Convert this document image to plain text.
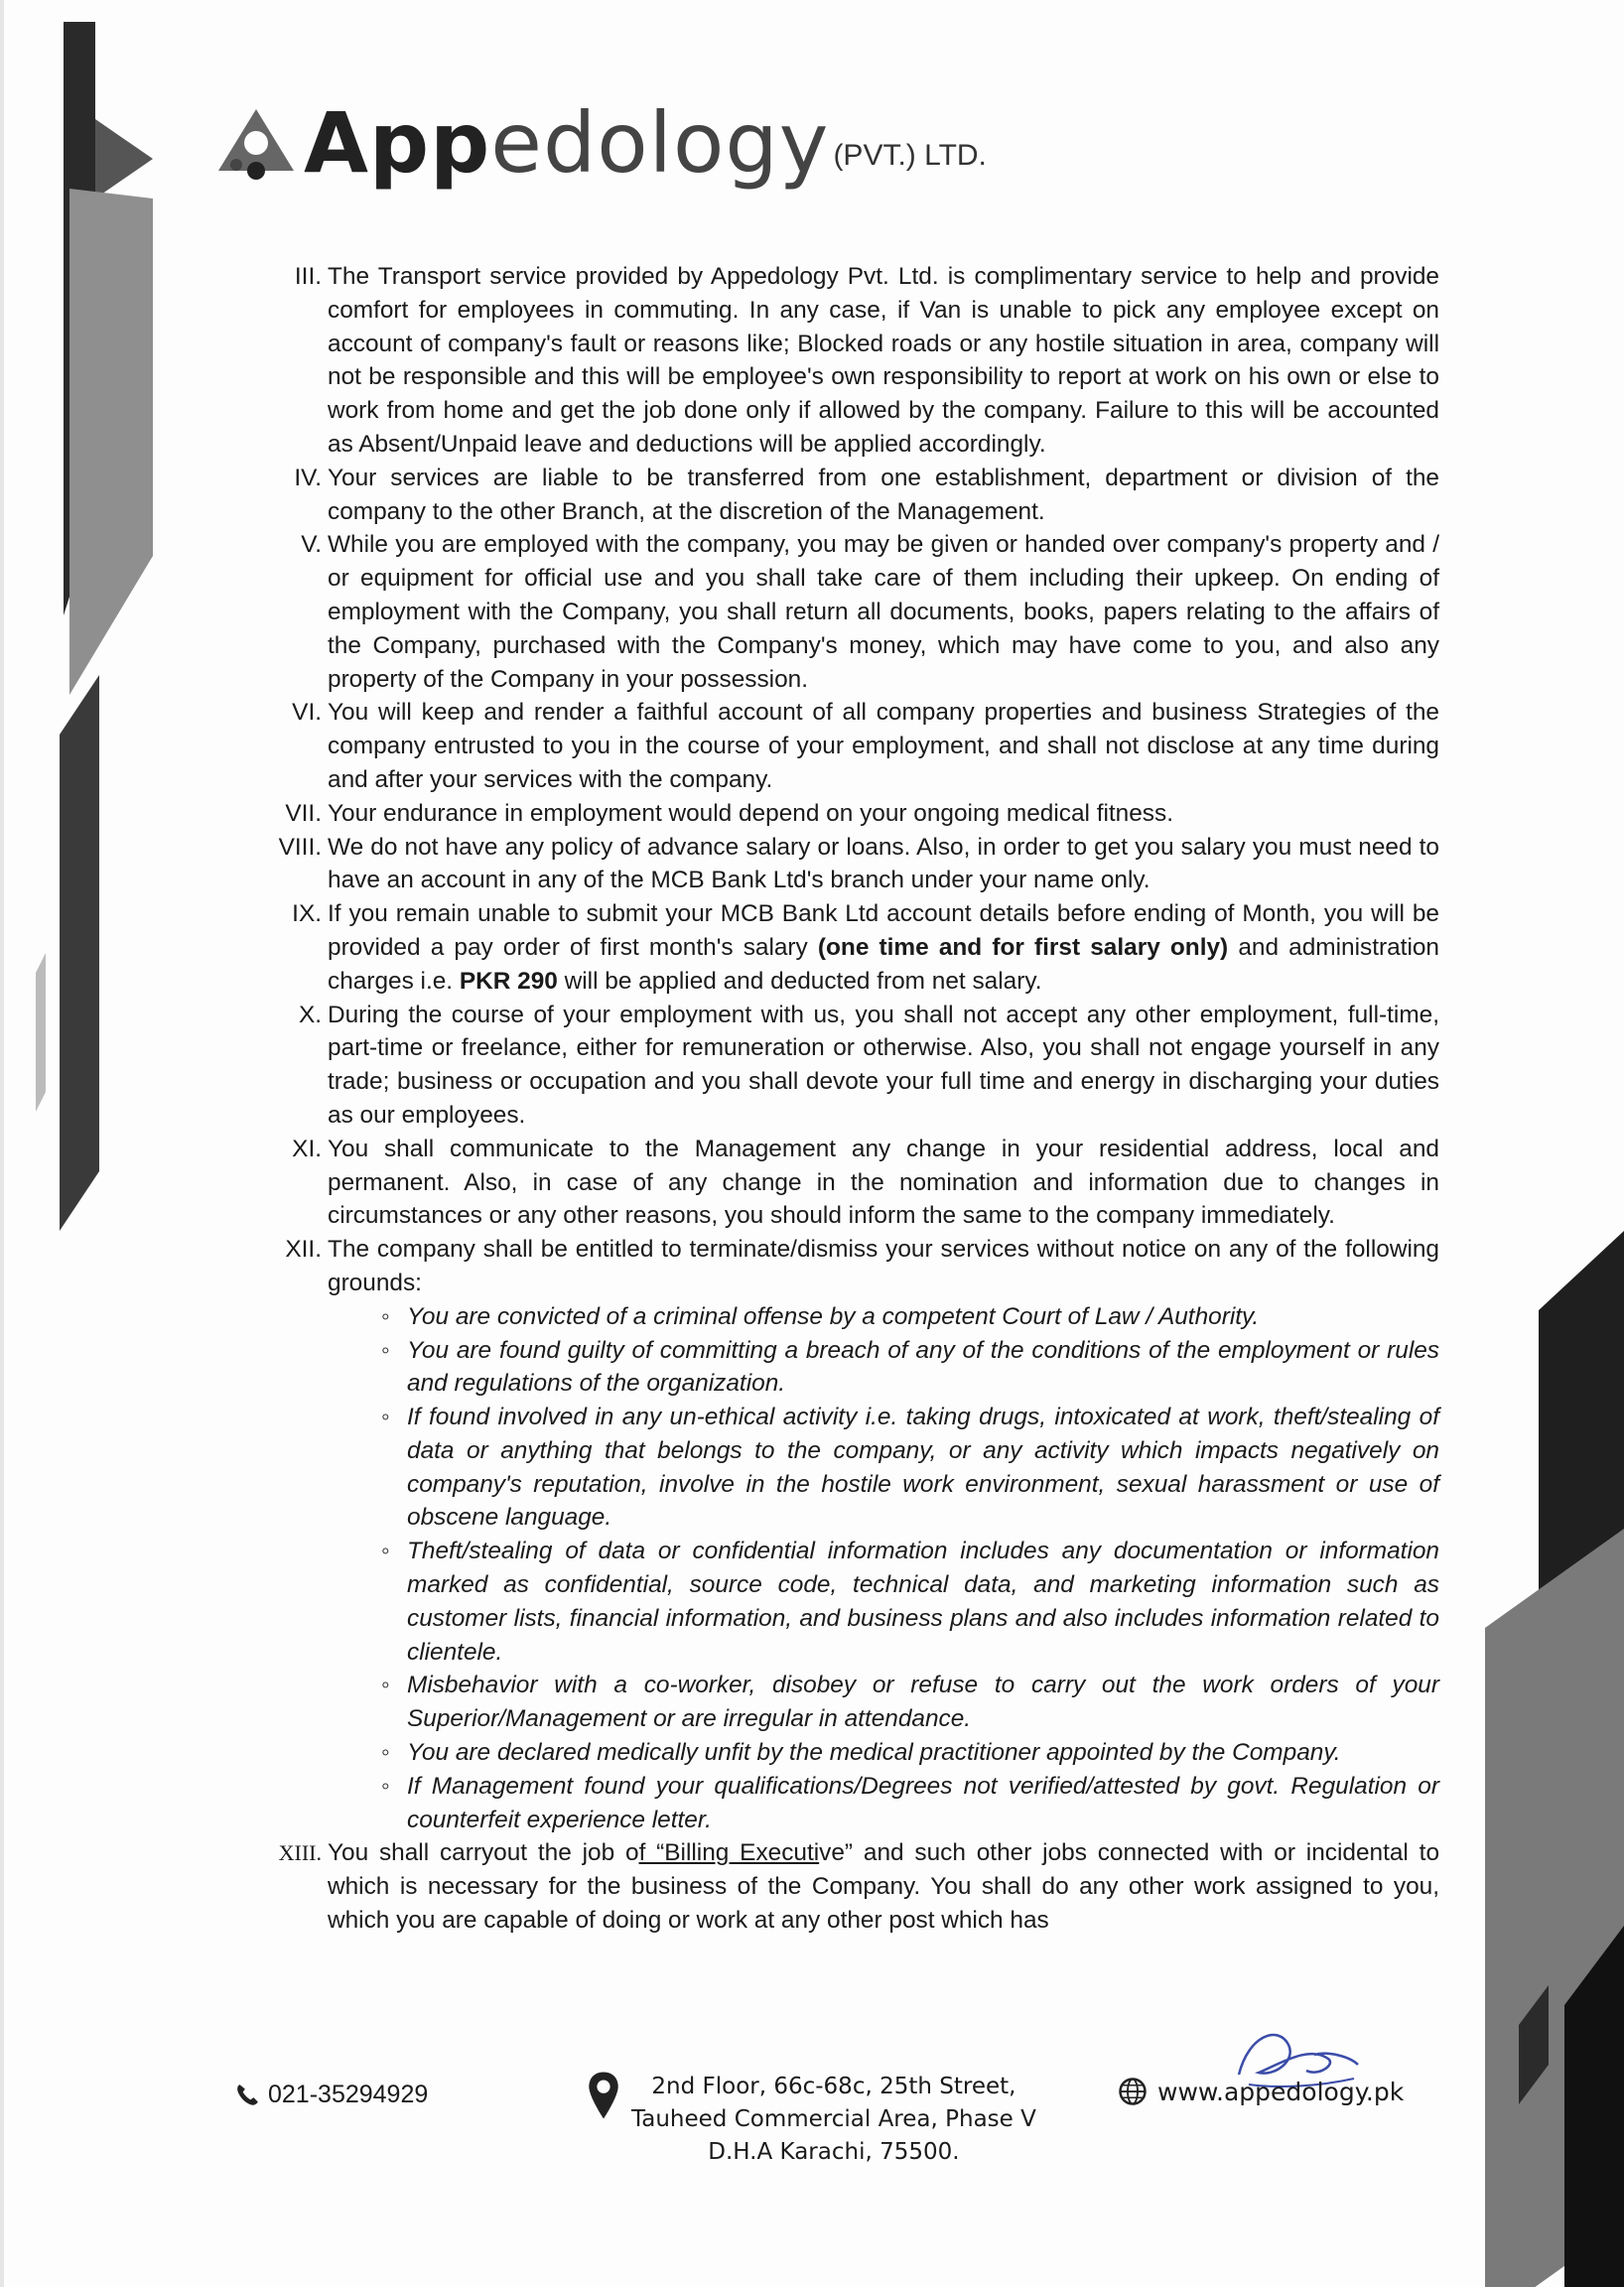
Appedology (PVT.) LTD.
III. The Transport service provided by Appedology Pvt. Ltd. is complimentary service to help and provide comfort for employees in commuting. In any case, if Van is unable to pick any employee except on account of company's fault or reasons like; Blocked roads or any hostile situation in area, company will not be responsible and this will be employee's own responsibility to report at work on his own or else to work from home and get the job done only if allowed by the company. Failure to this will be accounted as Absent/Unpaid leave and deductions will be applied accordingly.
IV. Your services are liable to be transferred from one establishment, department or division of the company to the other Branch, at the discretion of the Management.
V. While you are employed with the company, you may be given or handed over company's property and / or equipment for official use and you shall take care of them including their upkeep. On ending of employment with the Company, you shall return all documents, books, papers relating to the affairs of the Company, purchased with the Company's money, which may have come to you, and also any property of the Company in your possession.
VI. You will keep and render a faithful account of all company properties and business Strategies of the company entrusted to you in the course of your employment, and shall not disclose at any time during and after your services with the company.
VII. Your endurance in employment would depend on your ongoing medical fitness.
VIII. We do not have any policy of advance salary or loans. Also, in order to get you salary you must need to have an account in any of the MCB Bank Ltd's branch under your name only.
IX. If you remain unable to submit your MCB Bank Ltd account details before ending of Month, you will be provided a pay order of first month's salary (one time and for first salary only) and administration charges i.e. PKR 290 will be applied and deducted from net salary.
X. During the course of your employment with us, you shall not accept any other employment, full-time, part-time or freelance, either for remuneration or otherwise. Also, you shall not engage yourself in any trade; business or occupation and you shall devote your full time and energy in discharging your duties as our employees.
XI. You shall communicate to the Management any change in your residential address, local and permanent. Also, in case of any change in the nomination and information due to changes in circumstances or any other reasons, you should inform the same to the company immediately.
XII. The company shall be entitled to terminate/dismiss your services without notice on any of the following grounds:
◦ You are convicted of a criminal offense by a competent Court of Law / Authority.
◦ You are found guilty of committing a breach of any of the conditions of the employment or rules and regulations of the organization.
◦ If found involved in any un-ethical activity i.e. taking drugs, intoxicated at work, theft/stealing of data or anything that belongs to the company, or any activity which impacts negatively on company's reputation, involve in the hostile work environment, sexual harassment or use of obscene language.
◦ Theft/stealing of data or confidential information includes any documentation or information marked as confidential, source code, technical data, and marketing information such as customer lists, financial information, and business plans and also includes information related to clientele.
◦ Misbehavior with a co-worker, disobey or refuse to carry out the work orders of your Superior/Management or are irregular in attendance.
◦ You are declared medically unfit by the medical practitioner appointed by the Company.
◦ If Management found your qualifications/Degrees not verified/attested by govt. Regulation or counterfeit experience letter.
XIII. You shall carryout the job of “Billing Executive” and such other jobs connected with or incidental to which is necessary for the business of the Company. You shall do any other work assigned to you, which you are capable of doing or work at any other post which has
021-35294929	2nd Floor, 66c-68c, 25th Street,
Tauheed Commercial Area, Phase V
D.H.A Karachi, 75500.
www.appedology.pk
